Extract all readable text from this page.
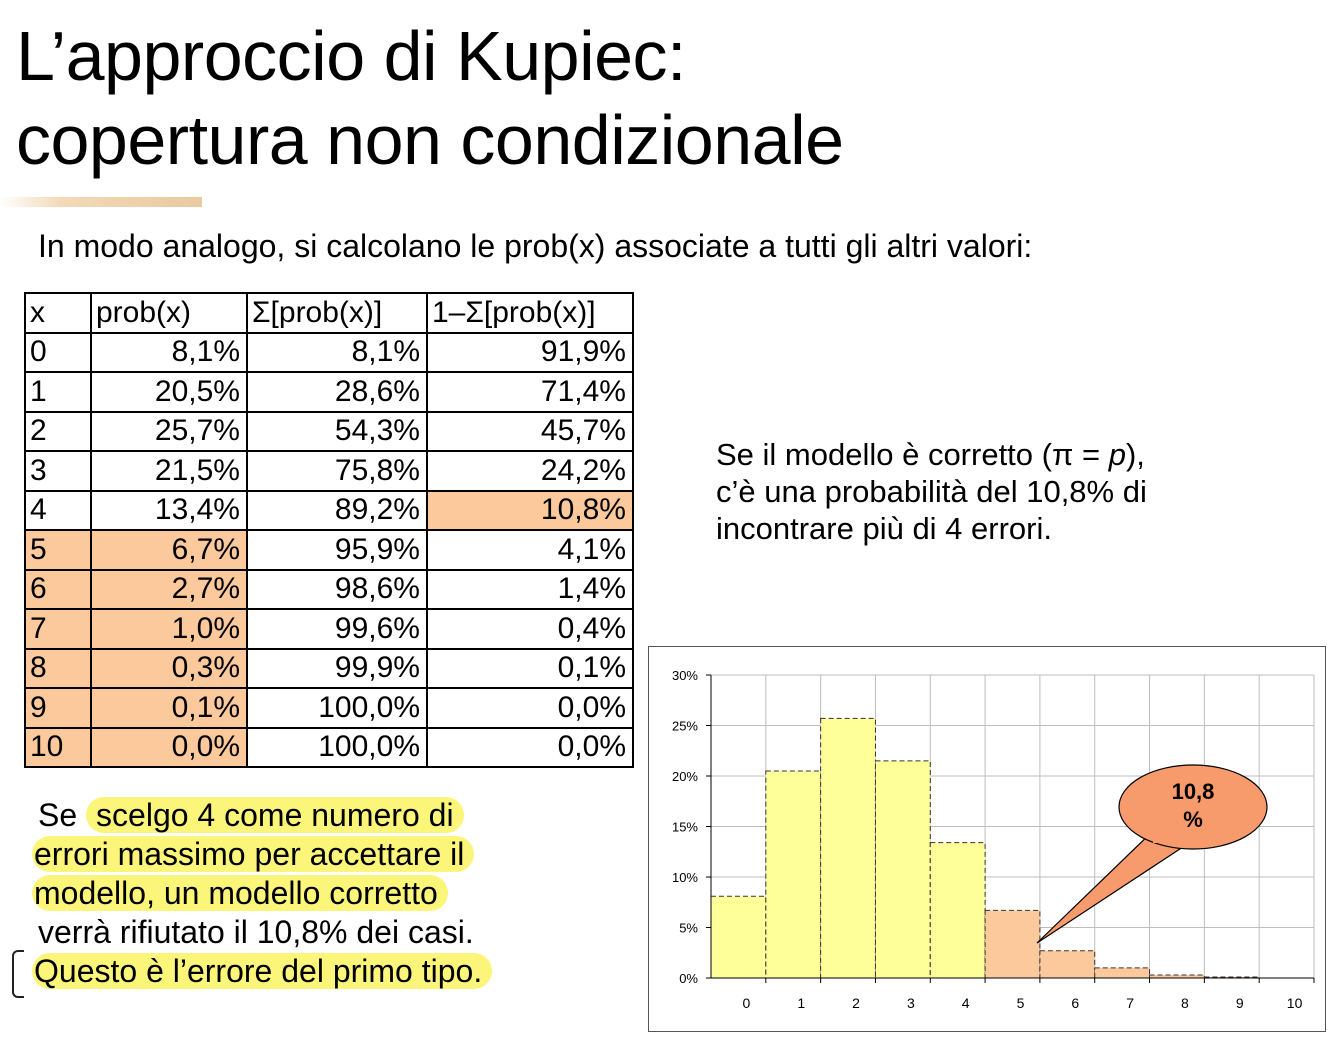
L’approccio di Kupiec:
copertura non condizionale
In modo analogo, si calcolano le prob(x) associate a tutti gli altri valori:
x	prob(x)	Σ[prob(x)]	1–Σ[prob(x)]
0	8,1%	8,1%	91,9%
1	20,5%	28,6%	71,4%
2	25,7%	54,3%	45,7%
3	21,5%	75,8%	24,2%
4	13,4%	89,2%	10,8%
5	6,7%	95,9%	4,1%
6	2,7%	98,6%	1,4%
7	1,0%	99,6%	0,4%
8	0,3%	99,9%	0,1%
9	0,1%	100,0%	0,0%
10	0,0%	100,0%	0,0%
Se il modello è corretto (π = p),
c’è una probabilità del 10,8% di
incontrare più di 4 errori.
Se scelgo 4 come numero di
errori massimo per accettare il
modello, un modello corretto
verrà rifiutato il 10,8% dei casi.
Questo è l’errore del primo tipo.	0%
5%
10%
15%
20%
25%
30%
0	1	2	3	4	5	6	7	8	9	10
10,8
%
